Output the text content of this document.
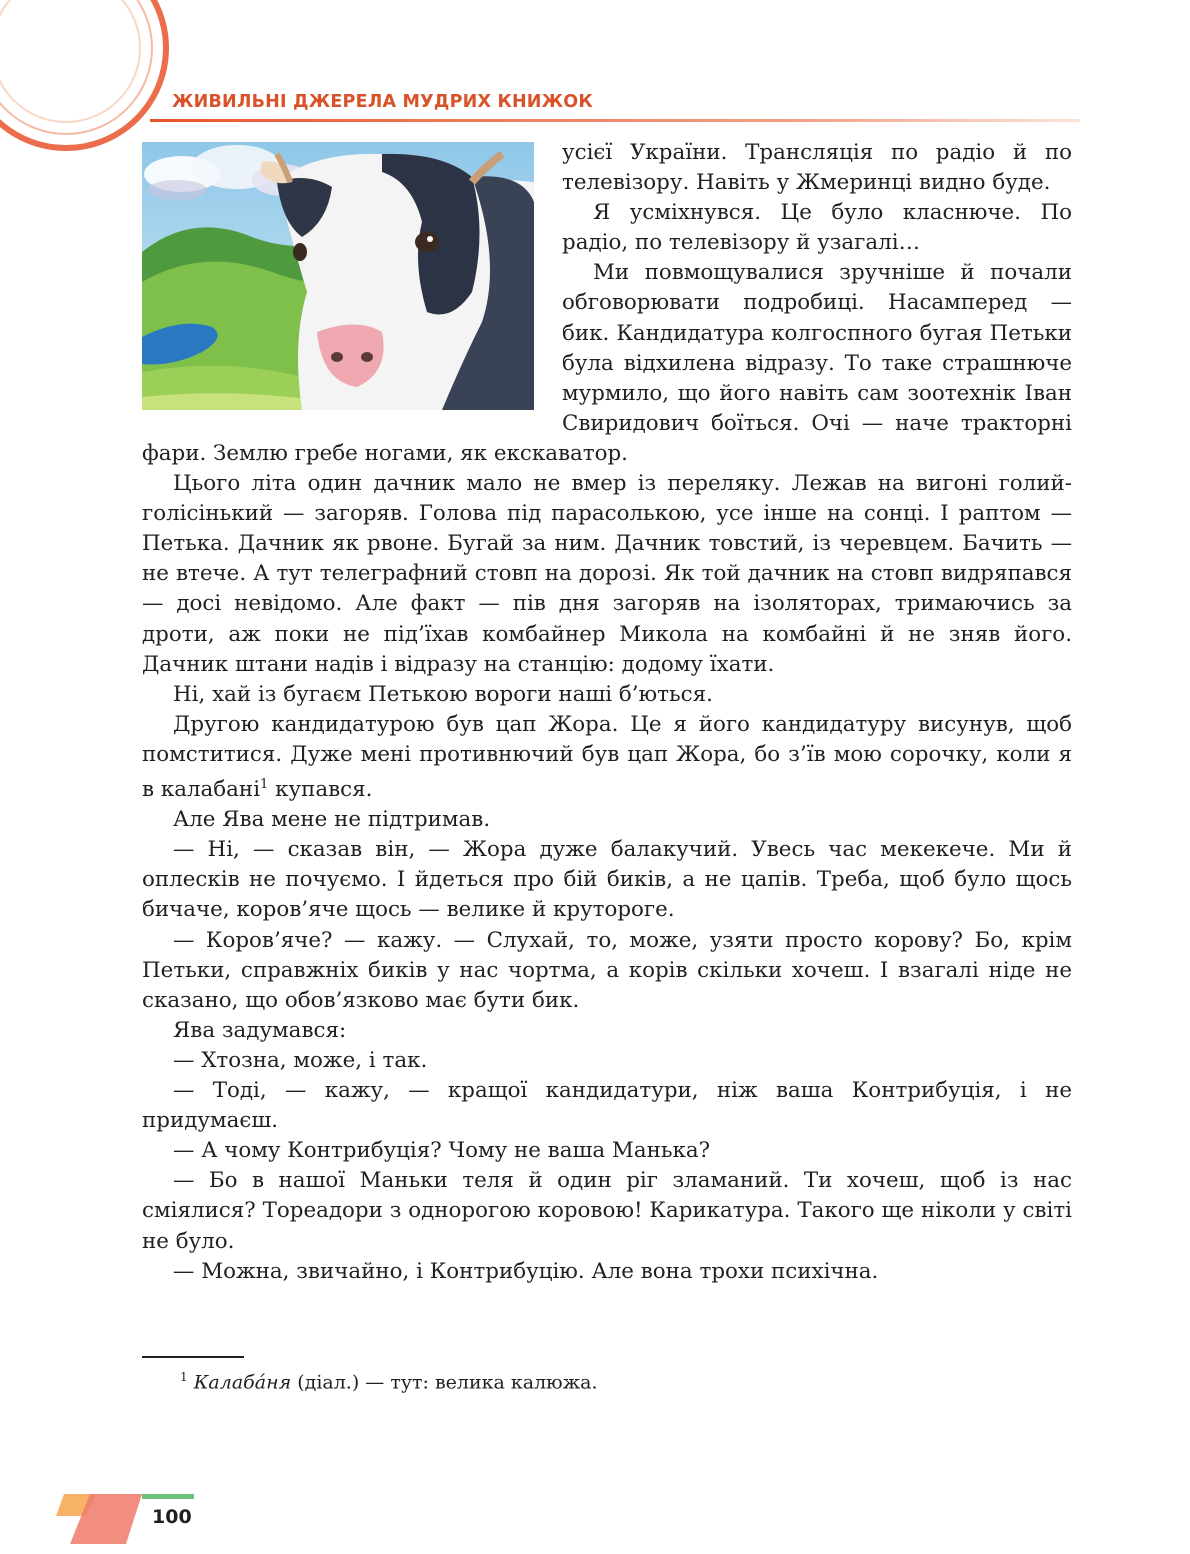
ЖИВИЛЬНІ ДЖЕРЕЛА МУДРИХ КНИЖОК

усієї України. Трансляція по радіо й по телевізору. Навіть у Жмеринці видно буде.

Я усміхнувся. Це було класнюче. По радіо, по телевізору й узагалі…

Ми повмощувалися зручніше й почали обговорювати подробиці. Насамперед — бик. Кандидатура колгоспного бугая Петьки була відхилена відразу. То таке страшнюче мурмило, що його навіть сам зоотехнік Іван Свиридович боїться. Очі — наче тракторні фари. Землю гребе ногами, як екскаватор.

Цього літа один дачник мало не вмер із переляку. Лежав на вигоні голий-голісінький — загоряв. Голова під парасолькою, усе інше на сонці. І раптом — Петька. Дачник як рвоне. Бугай за ним. Дачник товстий, із черевцем. Бачить — не втече. А тут телеграфний стовп на дорозі. Як той дачник на стовп видряпався — досі невідомо. Але факт — пів дня загоряв на ізоляторах, тримаючись за дроти, аж поки не під’їхав комбайнер Микола на комбайні й не зняв його. Дачник штани надів і відразу на станцію: додому їхати.

Ні, хай із бугаєм Петькою вороги наші б’ються.

Другою кандидатурою був цап Жора. Це я його кандидатуру висунув, щоб помститися. Дуже мені противнючий був цап Жора, бо з’їв мою сорочку, коли я в калабані$^1$ купався.

Але Ява мене не підтримав.

— Ні, — сказав він, — Жора дуже балакучий. Увесь час мекекече. Ми й оплесків не почуємо. І йдеться про бій биків, а не цапів. Треба, щоб було щось бичаче, коров’яче щось — велике й крутороге.

— Коров’яче? — кажу. — Слухай, то, може, узяти просто корову? Бо, крім Петьки, справжніх биків у нас чортма, а корів скільки хочеш. І взагалі ніде не сказано, що обов’язково має бути бик.

Ява задумався:

— Хтозна, може, і так.

— Тоді, — кажу, — кращої кандидатури, ніж ваша Контрибуція, і не придумаєш.

— А чому Контрибуція? Чому не ваша Манька?

— Бо в нашої Маньки теля й один ріг зламаний. Ти хочеш, щоб із нас сміялися? Тореадори з однорогою коровою! Карикатура. Такого ще ніколи у світі не було.

— Можна, звичайно, і Контрибуцію. Але вона трохи психічна.

$^1$ Калаба́ня (діал.) — тут: велика калюжа.
100
